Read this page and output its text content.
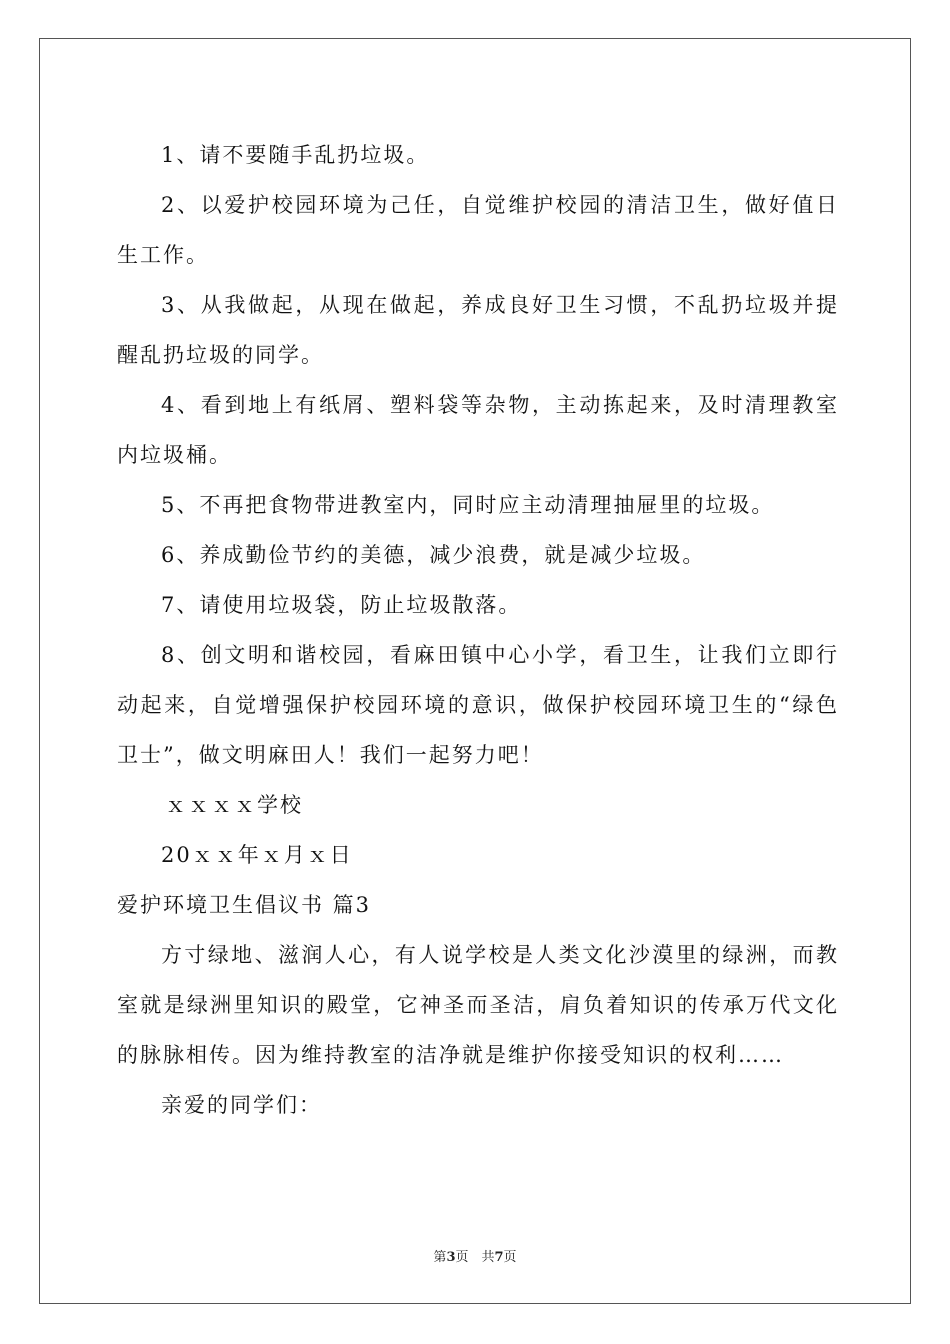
1、请不要随手乱扔垃圾。

2、以爱护校园环境为己任，自觉维护校园的清洁卫生，做好值日生工作。

3、从我做起，从现在做起，养成良好卫生习惯，不乱扔垃圾并提醒乱扔垃圾的同学。

4、看到地上有纸屑、塑料袋等杂物，主动拣起来，及时清理教室内垃圾桶。

5、不再把食物带进教室内，同时应主动清理抽屉里的垃圾。

6、养成勤俭节约的美德，减少浪费，就是减少垃圾。

7、请使用垃圾袋，防止垃圾散落。

8、创文明和谐校园，看麻田镇中心小学，看卫生，让我们立即行动起来，自觉增强保护校园环境的意识，做保护校园环境卫生的“绿色卫士”，做文明麻田人！我们一起努力吧！

ｘｘｘｘ学校

20ｘｘ年ｘ月ｘ日

爱护环境卫生倡议书 篇3

方寸绿地、滋润人心，有人说学校是人类文化沙漠里的绿洲，而教室就是绿洲里知识的殿堂，它神圣而圣洁，肩负着知识的传承万代文化的脉脉相传。因为维持教室的洁净就是维护你接受知识的权利……

亲爱的同学们：

第3页　共7页
